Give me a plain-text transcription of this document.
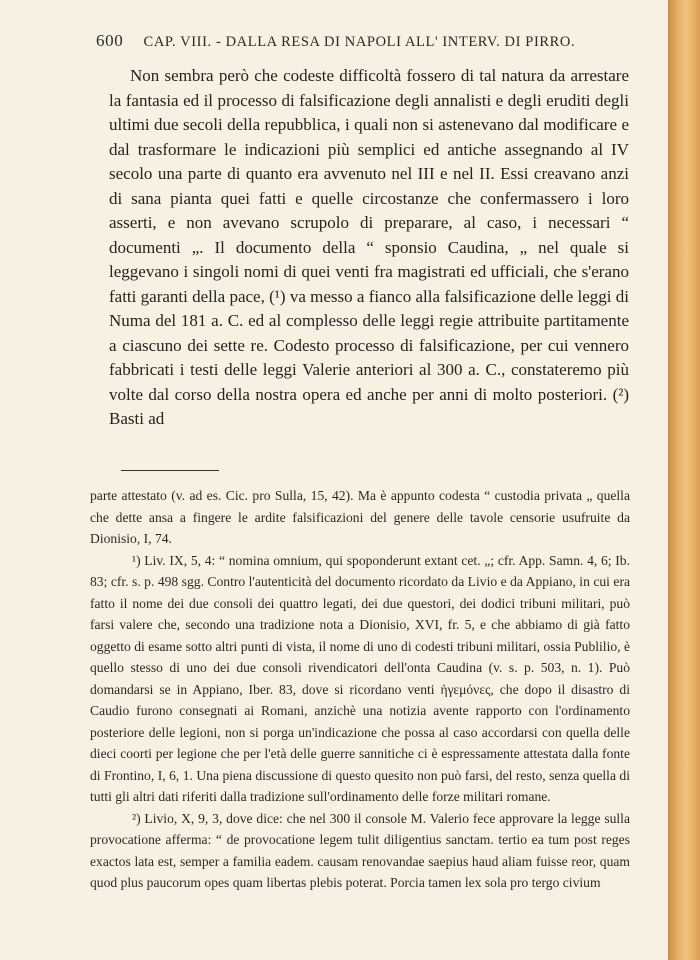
600 CAP. VIII. - DALLA RESA DI NAPOLI ALL' INTERV. DI PIRRO.

Non sembra però che codeste difficoltà fossero di tal natura da arrestare la fantasia ed il processo di falsificazione degli annalisti e degli eruditi degli ultimi due secoli della repubblica, i quali non si astenevano dal modificare e dal trasformare le indicazioni più semplici ed antiche assegnando al IV secolo una parte di quanto era avvenuto nel III e nel II. Essi creavano anzi di sana pianta quei fatti e quelle circostanze che confermassero i loro asserti, e non avevano scrupolo di preparare, al caso, i necessari “ documenti „. Il documento della “ sponsio Caudina, „ nel quale si leggevano i singoli nomi di quei venti fra magistrati ed ufficiali, che s'erano fatti garanti della pace, (¹) va messo a fianco alla falsificazione delle leggi di Numa del 181 a. C. ed al complesso delle leggi regie attribuite partitamente a ciascuno dei sette re. Codesto processo di falsificazione, per cui vennero fabbricati i testi delle leggi Valerie anteriori al 300 a. C., constateremo più volte dal corso della nostra opera ed anche per anni di molto posteriori. (²) Basti ad

parte attestato (v. ad es. Cic. pro Sulla, 15, 42). Ma è appunto codesta “ custodia privata „ quella che dette ansa a fingere le ardite falsificazioni del genere delle tavole censorie usufruite da Dionisio, I, 74.

¹) Liv. IX, 5, 4: “ nomina omnium, qui spoponderunt extant cet. „; cfr. App. Samn. 4, 6; Ib. 83; cfr. s. p. 498 sgg. Contro l'autenticità del documento ricordato da Livio e da Appiano, in cui era fatto il nome dei due consoli dei quattro legati, dei due questori, dei dodici tribuni militari, può farsi valere che, secondo una tradizione nota a Dionisio, XVI, fr. 5, e che abbiamo di già fatto oggetto di esame sotto altri punti di vista, il nome di uno di codesti tribuni militari, ossia Publilio, è quello stesso di uno dei due consoli rivendicatori dell'onta Caudina (v. s. p. 503, n. 1). Può domandarsi se in Appiano, Iber. 83, dove si ricordano venti ἡγεμόνες, che dopo il disastro di Caudio furono consegnati ai Romani, anzichè una notizia avente rapporto con l'ordinamento posteriore delle legioni, non si porga un'indicazione che possa al caso accordarsi con quella delle dieci coorti per legione che per l'età delle guerre sannitiche ci è espressamente attestata dalla fonte di Frontino, I, 6, 1. Una piena discussione di questo quesito non può farsi, del resto, senza quella di tutti gli altri dati riferiti dalla tradizione sull'ordinamento delle forze militari romane.

²) Livio, X, 9, 3, dove dice: che nel 300 il console M. Valerio fece approvare la legge sulla provocatione afferma: “ de provocatione legem tulit diligentius sanctam. tertio ea tum post reges exactos lata est, semper a familia eadem. causam renovandae saepius haud aliam fuisse reor, quam quod plus paucorum opes quam libertas plebis poterat. Porcia tamen lex sola pro tergo civium
